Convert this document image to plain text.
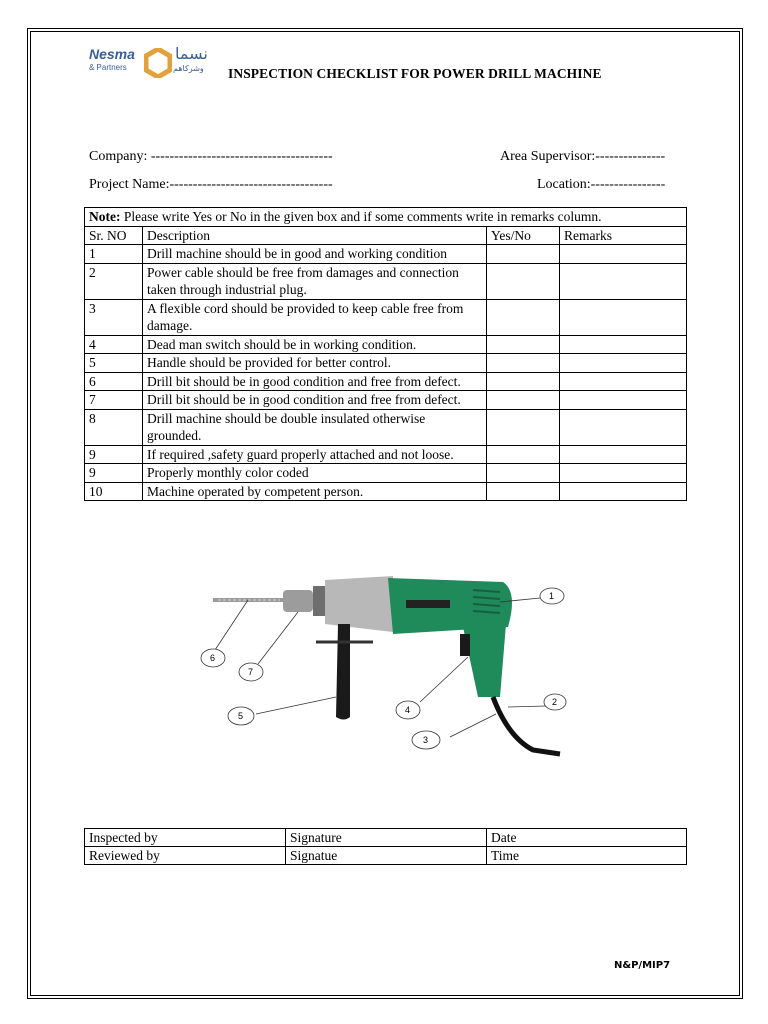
Nesma
& Partners
نسما
وشركاهم INSPECTION CHECKLIST FOR POWER DRILL MACHINE
Company: ---------------------------------------	Area Supervisor:---------------
Project Name:-----------------------------------	Location:----------------
Note: Please write Yes or No in the given box and if some comments write in remarks column.			
Sr. NO	Description	Yes/No	Remarks
1	Drill machine should be in good and working condition		
2	Power cable should be free from damages and connection taken through industrial plug.		
3	A flexible cord should be provided to keep cable free from damage.		
4	Dead man switch should be in working condition.		
5	Handle should be provided for better control.		
6	Drill bit should be in good condition and free from defect.		
7	Drill bit should be in good condition and free from defect.		
8	Drill machine should be double insulated otherwise grounded.		
9	If required ,safety guard properly attached and not loose.		
9	Properly monthly color coded		
10	Machine operated by competent person.		
1
2
3
4
5
6
7
Inspected by	Signature	Date
Reviewed by	Signatue	Time
N&P/MIP7
